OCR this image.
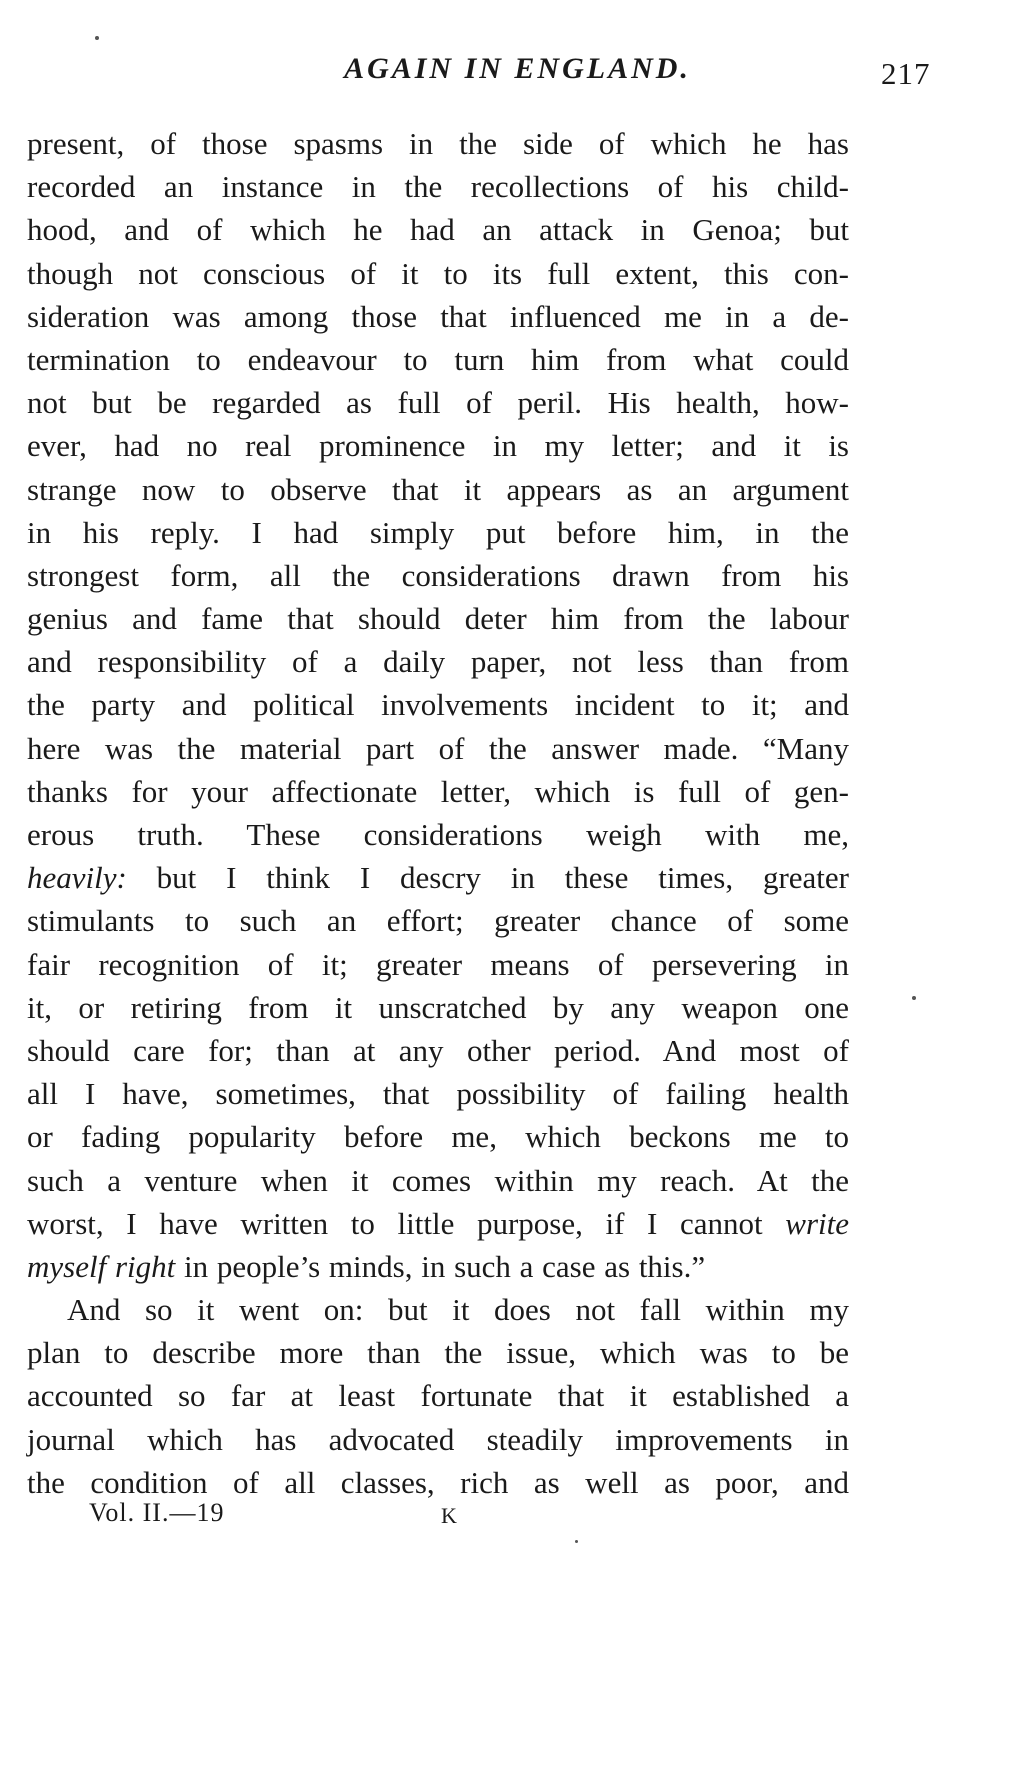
AGAIN IN ENGLAND.	217
present, of those spasms in the side of which he has
recorded an instance in the recollections of his child-
hood, and of which he had an attack in Genoa; but
though not conscious of it to its full extent, this con-
sideration was among those that influenced me in a de-
termination to endeavour to turn him from what could
not but be regarded as full of peril. His health, how-
ever, had no real prominence in my letter; and it is
strange now to observe that it appears as an argument
in his reply. I had simply put before him, in the
strongest form, all the considerations drawn from his
genius and fame that should deter him from the labour
and responsibility of a daily paper, not less than from
the party and political involvements incident to it; and
here was the material part of the answer made. “Many
thanks for your affectionate letter, which is full of gen-
erous truth. These considerations weigh with me,
heavily: but I think I descry in these times, greater
stimulants to such an effort; greater chance of some
fair recognition of it; greater means of persevering in
it, or retiring from it unscratched by any weapon one
should care for; than at any other period. And most of
all I have, sometimes, that possibility of failing health
or fading popularity before me, which beckons me to
such a venture when it comes within my reach. At the
worst, I have written to little purpose, if I cannot write
myself right in people’s minds, in such a case as this.”
And so it went on: but it does not fall within my
plan to describe more than the issue, which was to be
accounted so far at least fortunate that it established a
journal which has advocated steadily improvements in
the condition of all classes, rich as well as poor, and
Vol. II.—19	K
